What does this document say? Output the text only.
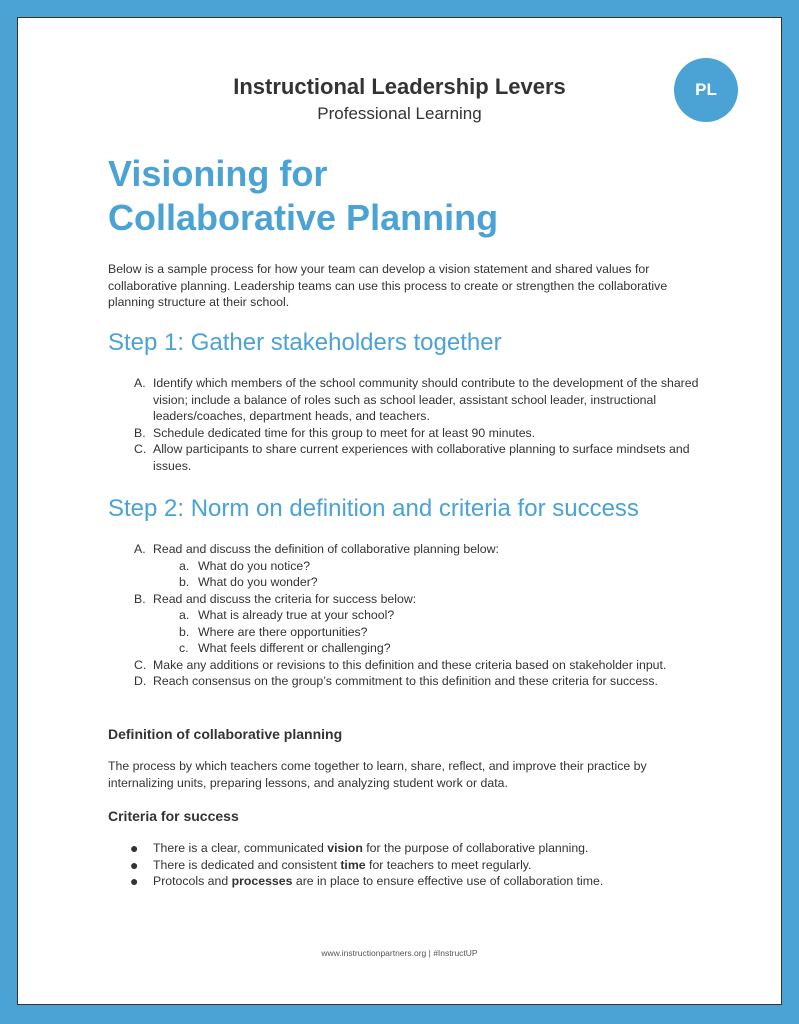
Instructional Leadership Levers
Professional Learning
PL
Visioning for
Collaborative Planning
Below is a sample process for how your team can develop a vision statement and shared values for collaborative planning. Leadership teams can use this process to create or strengthen the collaborative planning structure at their school.
Step 1: Gather stakeholders together
A. Identify which members of the school community should contribute to the development of the shared vision; include a balance of roles such as school leader, assistant school leader, instructional leaders/coaches, department heads, and teachers.
B. Schedule dedicated time for this group to meet for at least 90 minutes.
C. Allow participants to share current experiences with collaborative planning to surface mindsets and issues.
Step 2: Norm on definition and criteria for success
A. Read and discuss the definition of collaborative planning below:
a. What do you notice?
b. What do you wonder?
B. Read and discuss the criteria for success below:
a. What is already true at your school?
b. Where are there opportunities?
c. What feels different or challenging?
C. Make any additions or revisions to this definition and these criteria based on stakeholder input.
D. Reach consensus on the group’s commitment to this definition and these criteria for success.
Definition of collaborative planning
The process by which teachers come together to learn, share, reflect, and improve their practice by internalizing units, preparing lessons, and analyzing student work or data.
Criteria for success
● There is a clear, communicated vision for the purpose of collaborative planning.
● There is dedicated and consistent time for teachers to meet regularly.
● Protocols and processes are in place to ensure effective use of collaboration time.
www.instructionpartners.org | #InstructUP
